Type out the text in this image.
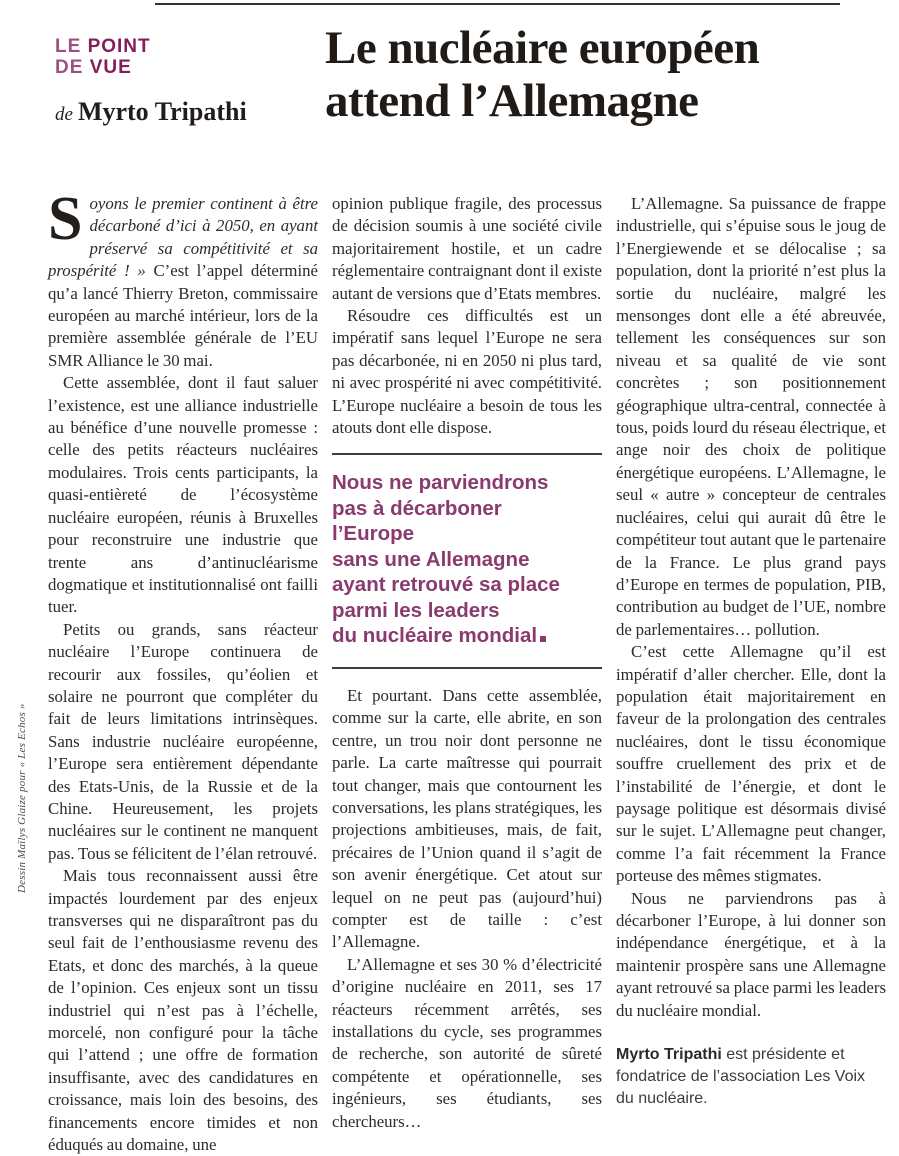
LE POINT
DE VUE
de Myrto Tripathi
Le nucléaire européen
attend l’Allemagne
Dessin Maïlys Glaize pour « Les Echos »

Soyons le premier continent à être décarboné d’ici à 2050, en ayant préservé sa compétitivité et sa prospérité ! » C’est l’appel déterminé qu’a lancé Thierry Breton, commissaire européen au marché intérieur, lors de la première assemblée générale de l’EU SMR Alliance le 30 mai.

Cette assemblée, dont il faut saluer l’existence, est une alliance industrielle au bénéfice d’une nouvelle promesse : celle des petits réacteurs nucléaires modulaires. Trois cents participants, la quasi-entièreté de l’écosystème nucléaire européen, réunis à Bruxelles pour reconstruire une industrie que trente ans d’antinucléarisme dogmatique et institutionnalisé ont failli tuer.

Petits ou grands, sans réacteur nucléaire l’Europe continuera de recourir aux fossiles, qu’éolien et solaire ne pourront que compléter du fait de leurs limitations intrinsèques. Sans industrie nucléaire européenne, l’Europe sera entièrement dépendante des Etats-Unis, de la Russie et de la Chine. Heureusement, les projets nucléaires sur le continent ne manquent pas. Tous se félicitent de l’élan retrouvé.

Mais tous reconnaissent aussi être impactés lourdement par des enjeux transverses qui ne disparaîtront pas du seul fait de l’enthousiasme revenu des Etats, et donc des marchés, à la queue de l’opinion. Ces enjeux sont un tissu industriel qui n’est pas à l’échelle, morcelé, non configuré pour la tâche qui l’attend ; une offre de formation insuffisante, avec des candidatures en croissance, mais loin des besoins, des financements encore timides et non éduqués au domaine, une

opinion publique fragile, des processus de décision soumis à une société civile majoritairement hostile, et un cadre réglementaire contraignant dont il existe autant de versions que d’Etats membres.

Résoudre ces difficultés est un impératif sans lequel l’Europe ne sera pas décarbonée, ni en 2050 ni plus tard, ni avec prospérité ni avec compétitivité. L’Europe nucléaire a besoin de tous les atouts dont elle dispose.

Nous ne parviendrons
pas à décarboner
l’Europe
sans une Allemagne
ayant retrouvé sa place
parmi les leaders
du nucléaire mondial

Et pourtant. Dans cette assemblée, comme sur la carte, elle abrite, en son centre, un trou noir dont personne ne parle. La carte maîtresse qui pourrait tout changer, mais que contournent les conversations, les plans stratégiques, les projections ambitieuses, mais, de fait, précaires de l’Union quand il s’agit de son avenir énergétique. Cet atout sur lequel on ne peut pas (aujourd’hui) compter est de taille : c’est l’Allemagne.

L’Allemagne et ses 30 % d’électricité d’origine nucléaire en 2011, ses 17 réacteurs récemment arrêtés, ses installations du cycle, ses programmes de recherche, son autorité de sûreté compétente et opérationnelle, ses ingénieurs, ses étudiants, ses chercheurs…

L’Allemagne. Sa puissance de frappe industrielle, qui s’épuise sous le joug de l’Energiewende et se délocalise ; sa population, dont la priorité n’est plus la sortie du nucléaire, malgré les mensonges dont elle a été abreuvée, tellement les conséquences sur son niveau et sa qualité de vie sont concrètes ; son positionnement géographique ultra-central, connectée à tous, poids lourd du réseau électrique, et ange noir des choix de politique énergétique européens. L’Allemagne, le seul « autre » concepteur de centrales nucléaires, celui qui aurait dû être le compétiteur tout autant que le partenaire de la France. Le plus grand pays d’Europe en termes de population, PIB, contribution au budget de l’UE, nombre de parlementaires… pollution.

C’est cette Allemagne qu’il est impératif d’aller chercher. Elle, dont la population était majoritairement en faveur de la prolongation des centrales nucléaires, dont le tissu économique souffre cruellement des prix et de l’instabilité de l’énergie, et dont le paysage politique est désormais divisé sur le sujet. L’Allemagne peut changer, comme l’a fait récemment la France porteuse des mêmes stigmates.

Nous ne parviendrons pas à décarboner l’Europe, à lui donner son indépendance énergétique, et à la maintenir prospère sans une Allemagne ayant retrouvé sa place parmi les leaders du nucléaire mondial.

Myrto Tripathi est présidente et fondatrice de l’association Les Voix du nucléaire.
